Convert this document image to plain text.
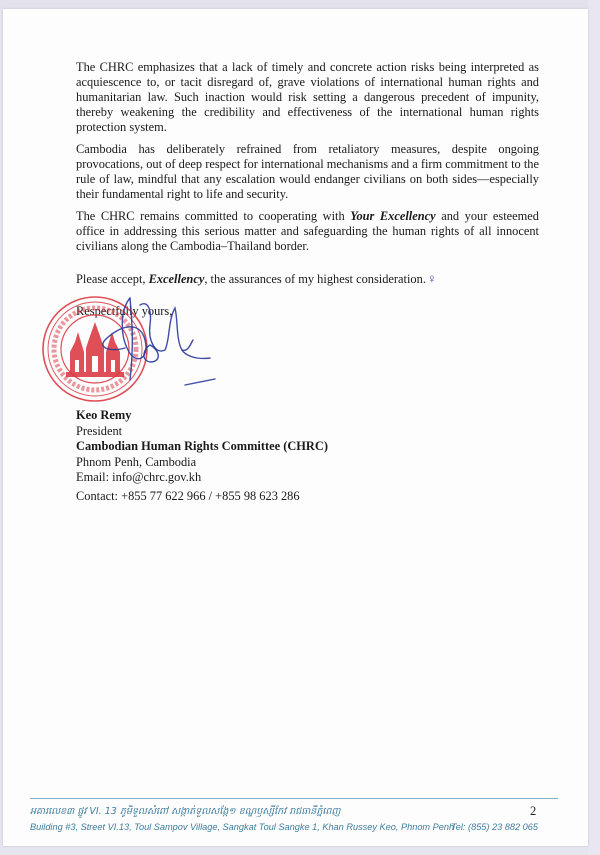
The CHRC emphasizes that a lack of timely and concrete action risks being interpreted as acquiescence to, or tacit disregard of, grave violations of international human rights and humanitarian law. Such inaction would risk setting a dangerous precedent of impunity, thereby weakening the credibility and effectiveness of the international human rights protection system.

Cambodia has deliberately refrained from retaliatory measures, despite ongoing provocations, out of deep respect for international mechanisms and a firm commitment to the rule of law, mindful that any escalation would endanger civilians on both sides—especially their fundamental right to life and security.

The CHRC remains committed to cooperating with Your Excellency and your esteemed office in addressing this serious matter and safeguarding the human rights of all innocent civilians along the Cambodia–Thailand border.

Please accept, Excellency, the assurances of my highest consideration.♀

Respectfully yours,

Keo Remy
President
Cambodian Human Rights Committee (CHRC)
Phnom Penh, Cambodia
Email: info@chrc.gov.kh
Contact: +855 77 622 966 / +855 98 623 286
អគារលេខ៣ ផ្លូវ VI. 13 ភូមិទួលសំពៅ សង្កាត់ទួលសង្កែ១ ខណ្ឌឫស្សីកែវ រាជធានីភ្នំពេញ	2
Building #3, Street VI.13, Toul Sampov Village, Sangkat Toul Sangke 1, Khan Russey Keo, Phnom Penh
Tel: (855) 23 882 065
